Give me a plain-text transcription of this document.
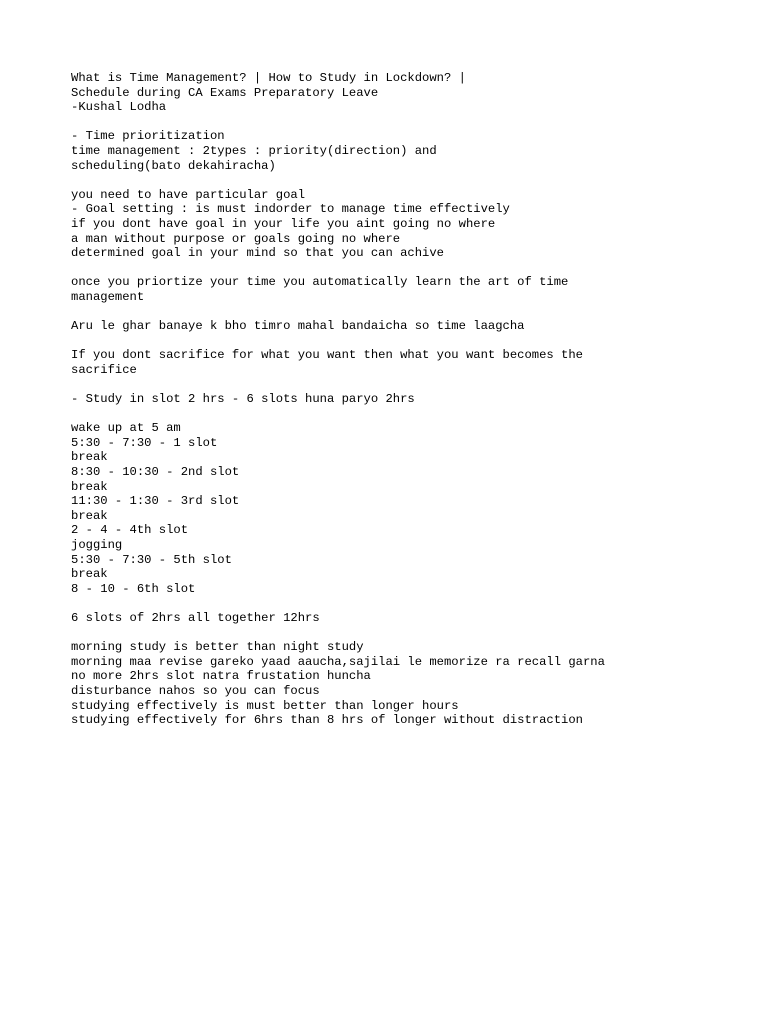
What is Time Management? | How to Study in Lockdown? |
Schedule during CA Exams Preparatory Leave
-Kushal Lodha
- Time prioritization
time management : 2types : priority(direction) and
scheduling(bato dekahiracha)
you need to have particular goal
- Goal setting : is must indorder to manage time effectively
if you dont have goal in your life you aint going no where
a man without purpose or goals going no where
determined goal in your mind so that you can achive
once you priortize your time you automatically learn the art of time
management
Aru le ghar banaye k bho timro mahal bandaicha so time laagcha
If you dont sacrifice for what you want then what you want becomes the
sacrifice
- Study in slot 2 hrs - 6 slots huna paryo 2hrs
wake up at 5 am
5:30 - 7:30 - 1 slot
break
8:30 - 10:30 - 2nd slot
break
11:30 - 1:30 - 3rd slot
break
2 - 4 - 4th slot
jogging
5:30 - 7:30 - 5th slot
break
8 - 10 - 6th slot
6 slots of 2hrs all together 12hrs
morning study is better than night study
morning maa revise gareko yaad aaucha,sajilai le memorize ra recall garna
no more 2hrs slot natra frustation huncha
disturbance nahos so you can focus
studying effectively is must better than longer hours
studying effectively for 6hrs than 8 hrs of longer without distraction
